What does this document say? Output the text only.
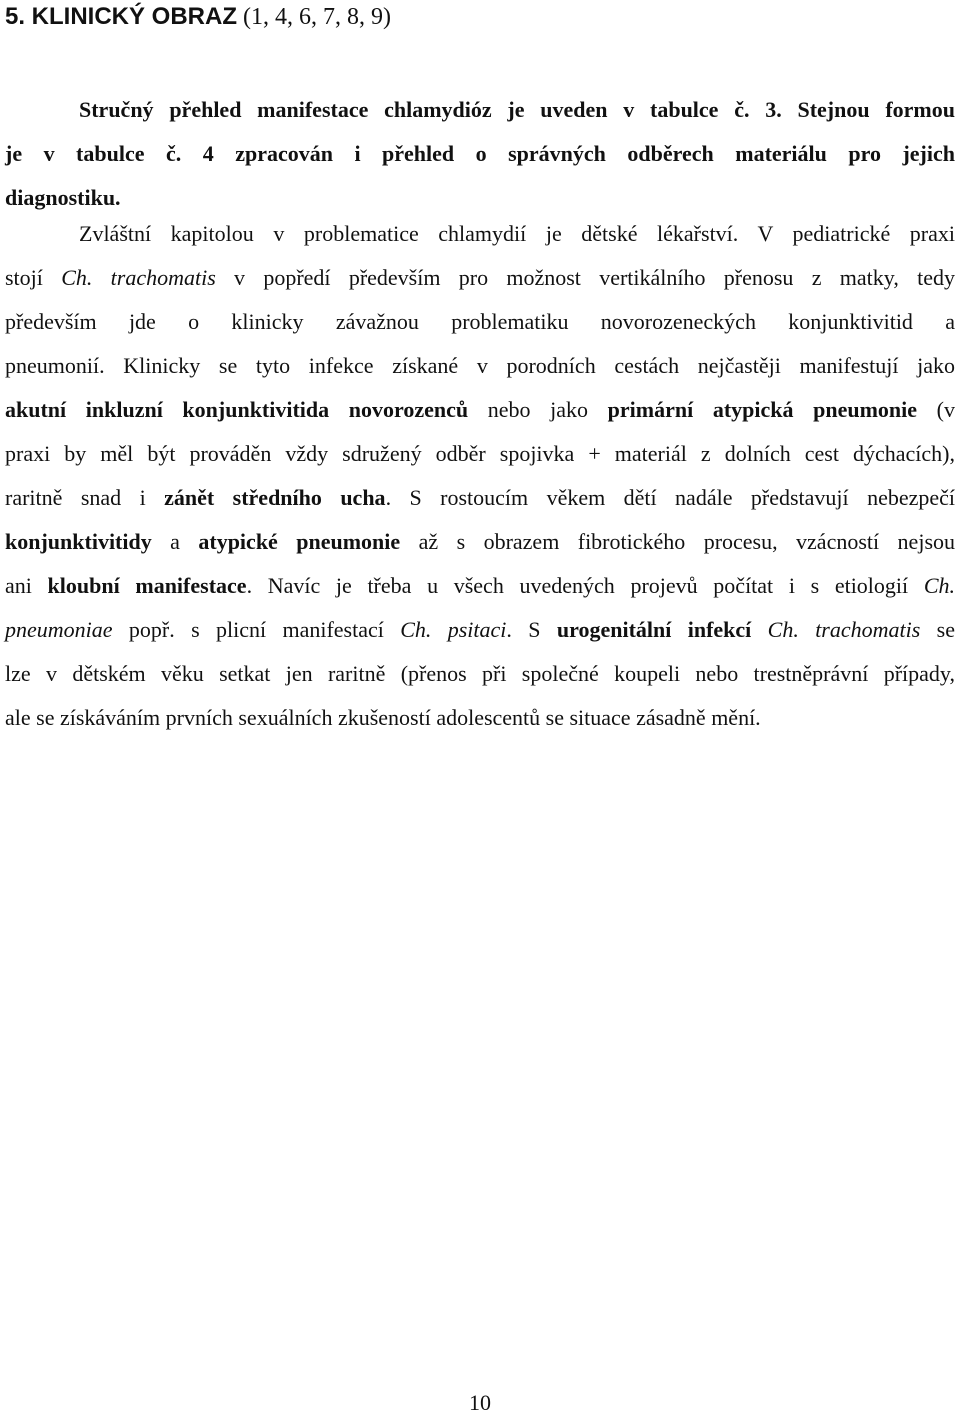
5. KLINICKÝ OBRAZ (1, 4, 6, 7, 8, 9)

Stručný přehled manifestace chlamydióz je uveden v tabulce č. 3. Stejnou formou
je v tabulce č. 4 zpracován i přehled o správných odběrech materiálu pro jejich
diagnostiku.

Zvláštní kapitolou v problematice chlamydií je dětské lékařství. V pediatrické praxi
stojí Ch. trachomatis v popředí především pro možnost vertikálního přenosu z matky, tedy
především jde o klinicky závažnou problematiku novorozeneckých konjunktivitid a
pneumonií. Klinicky se tyto infekce získané v porodních cestách nejčastěji manifestují jako
akutní inkluzní konjunktivitida novorozenců nebo jako primární atypická pneumonie (v
praxi by měl být prováděn vždy sdružený odběr spojivka + materiál z dolních cest dýchacích),
raritně snad i zánět středního ucha. S rostoucím věkem dětí nadále představují nebezpečí
konjunktivitidy a atypické pneumonie až s obrazem fibrotického procesu, vzácností nejsou
ani kloubní manifestace. Navíc je třeba u všech uvedených projevů počítat i s etiologií Ch.
pneumoniae popř. s plicní manifestací Ch. psitaci. S urogenitální infekcí Ch. trachomatis se
lze v dětském věku setkat jen raritně (přenos při společné koupeli nebo trestněprávní případy,
ale se získáváním prvních sexuálních zkušeností adolescentů se situace zásadně mění.

10
